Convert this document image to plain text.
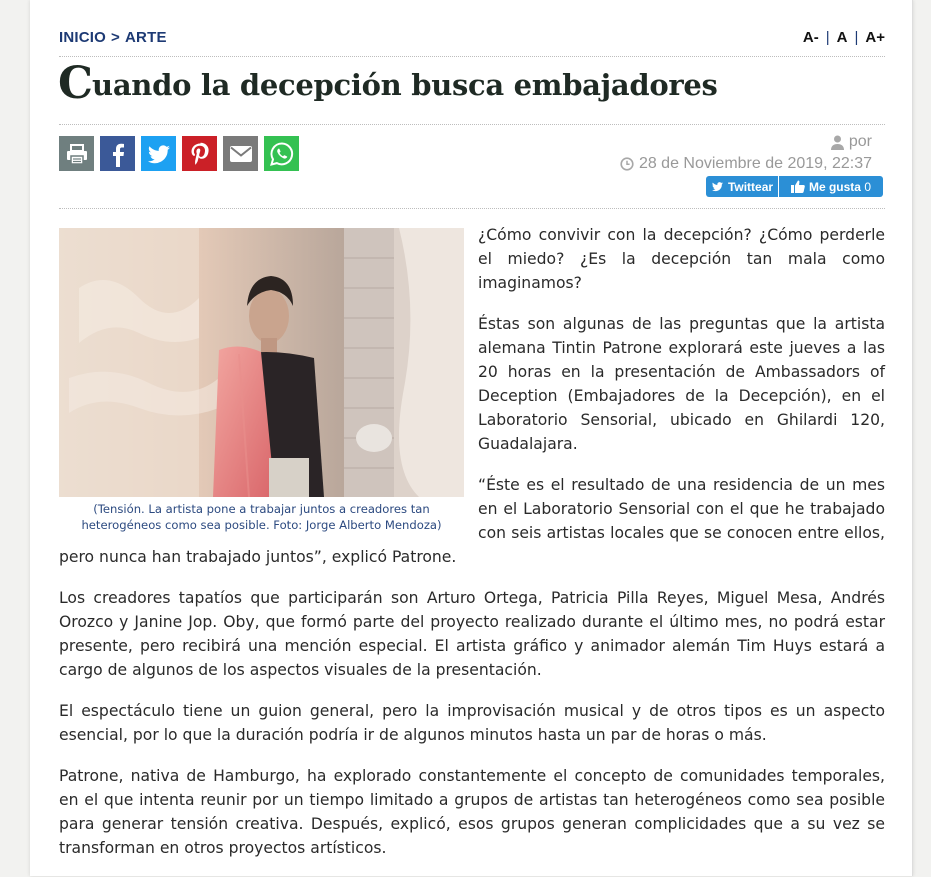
INICIO > ARTE	A- | A | A+
Cuando la decepción busca embajadores
por
28 de Noviembre de 2019, 22:37
Twittear	Me gusta
0
(Tensión. La artista pone a trabajar juntos a creadores tan heterogéneos como sea posible. Foto: Jorge Alberto Mendoza)

¿Cómo convivir con la decepción? ¿Cómo perderle el miedo? ¿Es la decepción tan mala como imaginamos?

Éstas son algunas de las preguntas que la artista alemana Tintin Patrone explorará este jueves a las 20 horas en la presentación de Ambassadors of Deception (Embajadores de la Decepción), en el Laboratorio Sensorial, ubicado en Ghilardi 120, Guadalajara.

“Éste es el resultado de una residencia de un mes en el Laboratorio Sensorial con el que he trabajado con seis artistas locales que se conocen entre ellos, pero nunca han trabajado juntos”, explicó Patrone.

Los creadores tapatíos que participarán son Arturo Ortega, Patricia Pilla Reyes, Miguel Mesa, Andrés Orozco y Janine Jop. Oby, que formó parte del proyecto realizado durante el último mes, no podrá estar presente, pero recibirá una mención especial. El artista gráfico y animador alemán Tim Huys estará a cargo de algunos de los aspectos visuales de la presentación.

El espectáculo tiene un guion general, pero la improvisación musical y de otros tipos es un aspecto esencial, por lo que la duración podría ir de algunos minutos hasta un par de horas o más.

Patrone, nativa de Hamburgo, ha explorado constantemente el concepto de comunidades temporales, en el que intenta reunir por un tiempo limitado a grupos de artistas tan heterogéneos como sea posible para generar tensión creativa. Después, explicó, esos grupos generan complicidades que a su vez se transforman en otros proyectos artísticos.
